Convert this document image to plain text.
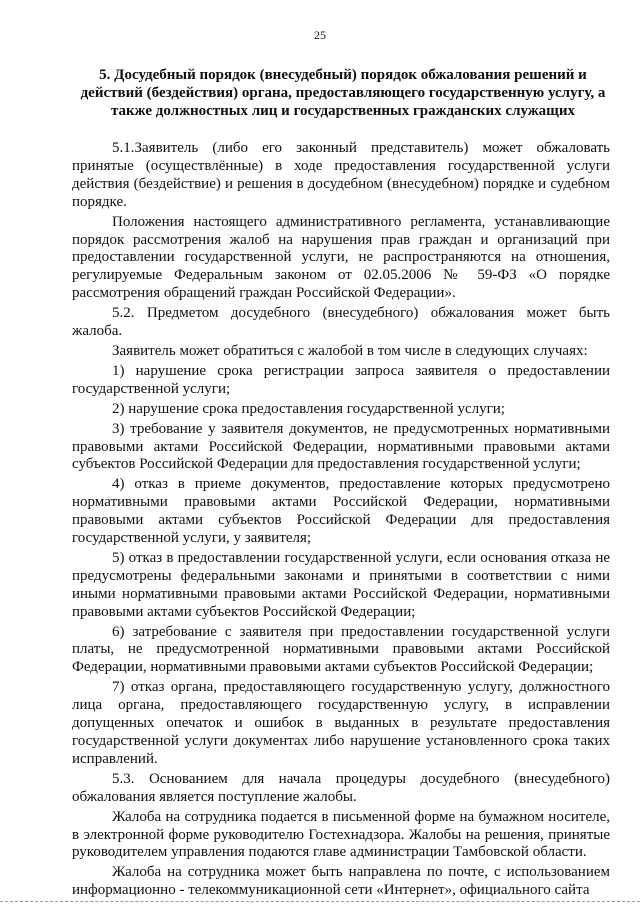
25
5. Досудебный порядок (внесудебный) порядок обжалования решений и действий (бездействия) органа, предоставляющего государственную услугу, а также должностных лиц и государственных гражданских служащих

5.1.Заявитель (либо его законный представитель) может обжаловать принятые (осуществлённые) в ходе предоставления государственной услуги действия (бездействие) и решения в досудебном (внесудебном) порядке и судебном порядке.

Положения настоящего административного регламента, устанавливающие порядок рассмотрения жалоб на нарушения прав граждан и организаций при предоставлении государственной услуги, не распространяются на отношения, регулируемые Федеральным законом от 02.05.2006 № 59-ФЗ «О порядке рассмотрения обращений граждан Российской Федерации».

5.2. Предметом досудебного (внесудебного) обжалования может быть жалоба.

Заявитель может обратиться с жалобой в том числе в следующих случаях:

1) нарушение срока регистрации запроса заявителя о предоставлении государственной услуги;

2) нарушение срока предоставления государственной услуги;

3) требование у заявителя документов, не предусмотренных нормативными правовыми актами Российской Федерации, нормативными правовыми актами субъектов Российской Федерации для предоставления государственной услуги;

4) отказ в приеме документов, предоставление которых предусмотрено нормативными правовыми актами Российской Федерации, нормативными правовыми актами субъектов Российской Федерации для предоставления государственной услуги, у заявителя;

5) отказ в предоставлении государственной услуги, если основания отказа не предусмотрены федеральными законами и принятыми в соответствии с ними иными нормативными правовыми актами Российской Федерации, нормативными правовыми актами субъектов Российской Федерации;

6) затребование с заявителя при предоставлении государственной услуги платы, не предусмотренной нормативными правовыми актами Российской Федерации, нормативными правовыми актами субъектов Российской Федерации;

7) отказ органа, предоставляющего государственную услугу, должностного лица органа, предоставляющего государственную услугу, в исправлении допущенных опечаток и ошибок в выданных в результате предоставления государственной услуги документах либо нарушение установленного срока таких исправлений.

5.3. Основанием для начала процедуры досудебного (внесудебного) обжалования является поступление жалобы.

Жалоба на сотрудника подается в письменной форме на бумажном носителе, в электронной форме руководителю Гостехнадзора. Жалобы на решения, принятые руководителем управления подаются главе администрации Тамбовской области.

Жалоба на сотрудника может быть направлена по почте, с использованием информационно - телекоммуникационной сети «Интернет», официального сайта
